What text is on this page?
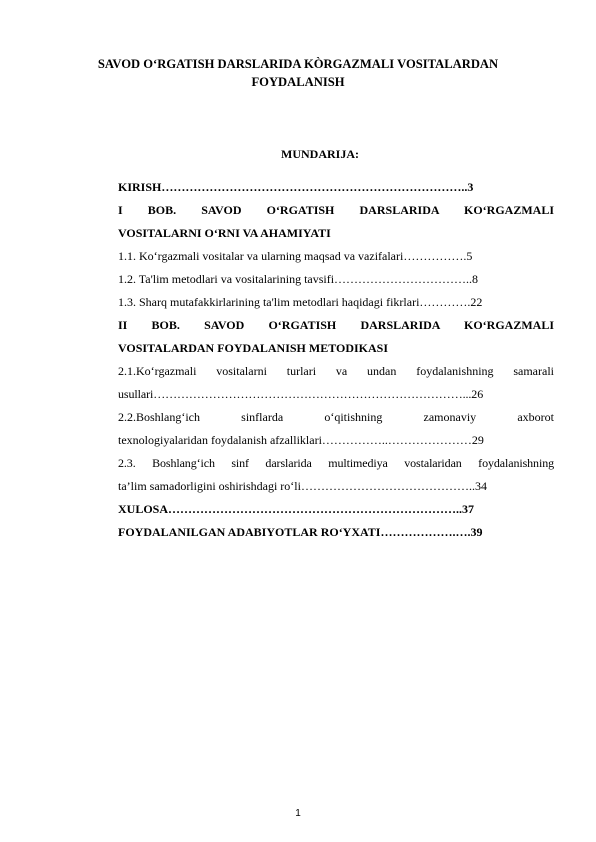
SAVOD O‘RGATISH DARSLARIDA KÒRGAZMALI VOSITALARDAN
FOYDALANISH
MUNDARIJA:
KIRISH…………………………………………………………………..3
I BOB. SAVOD O‘RGATISH DARSLARIDA KO‘RGAZMALI
VOSITALARNI O‘RNI VA AHAMIYATI
1.1. Ko‘rgazmali vositalar va ularning maqsad va vazifalari…………….5
1.2. Ta'lim metodlari va vositalarining tavsifi……………………………..8
1.3. Sharq mutafakkirlarining ta'lim metodlari haqidagi fikrlari………….22
II BOB. SAVOD O‘RGATISH DARSLARIDA KO‘RGAZMALI
VOSITALARDAN FOYDALANISH METODIKASI
2.1.Ko‘rgazmali vositalarni turlari va undan foydalanishning samarali
usullari……………………………………………………………………...26
2.2.Boshlang‘ich sinflarda o‘qitishning zamonaviy axborot
texnologiyalaridan foydalanish afzalliklari……………..…………………29
2.3. Boshlang‘ich sinf darslarida multimediya vostalaridan foydalanishning
ta’lim samadorligini oshirishdagi ro‘li……………………………………..34
XULOSA………………………………………………………………..37
FOYDALANILGAN ADABIYOTLAR RO‘YXATI……………….….39
1
